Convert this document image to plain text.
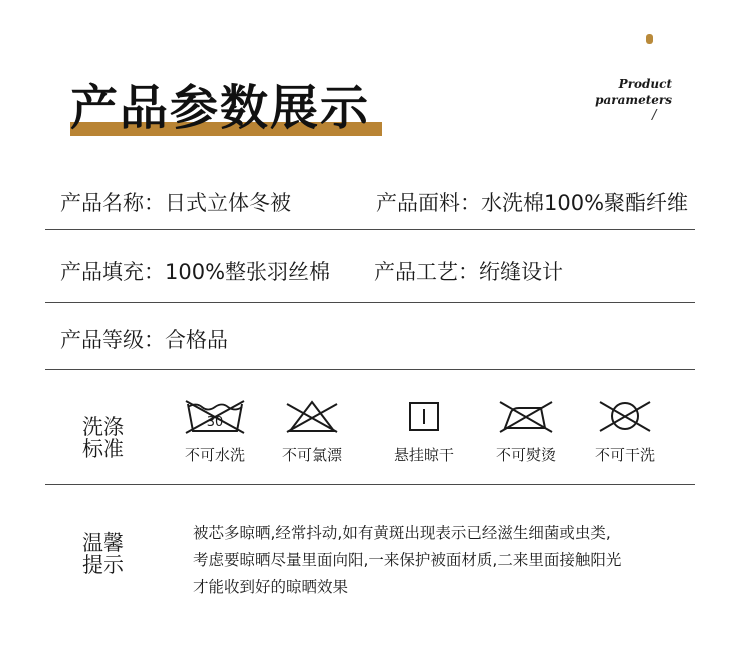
产品参数展示	Product
parameters
/
产品名称：日式立体冬被	产品面料：水洗棉100%聚酯纤维
产品填充：100%整张羽丝棉 产品工艺：绗缝设计
产品等级：合格品
洗涤
标准
30
不可水洗	不可氯漂	悬挂晾干	不可熨烫	不可干洗
温馨
提示
被芯多晾晒,经常抖动,如有黄斑出现表示已经滋生细菌或虫类,
考虑要晾晒尽量里面向阳,一来保护被面材质,二来里面接触阳光
才能收到好的晾晒效果
